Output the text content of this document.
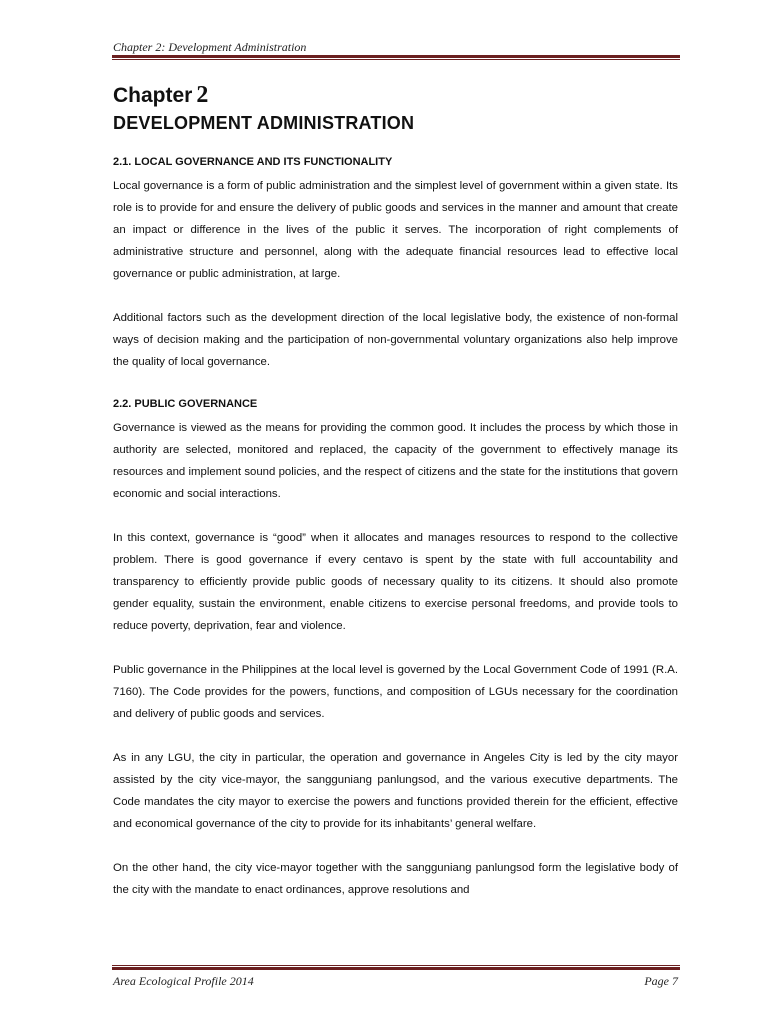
Chapter 2: Development Administration
Chapter 2
DEVELOPMENT ADMINISTRATION
2.1. LOCAL GOVERNANCE AND ITS FUNCTIONALITY

Local governance is a form of public administration and the simplest level of government within a given state. Its role is to provide for and ensure the delivery of public goods and services in the manner and amount that create an impact or difference in the lives of the public it serves. The incorporation of right complements of administrative structure and personnel, along with the adequate financial resources lead to effective local governance or public administration, at large.

Additional factors such as the development direction of the local legislative body, the existence of non-formal ways of decision making and the participation of non-governmental voluntary organizations also help improve the quality of local governance.

2.2. PUBLIC GOVERNANCE

Governance is viewed as the means for providing the common good. It includes the process by which those in authority are selected, monitored and replaced, the capacity of the government to effectively manage its resources and implement sound policies, and the respect of citizens and the state for the institutions that govern economic and social interactions.

In this context, governance is “good” when it allocates and manages resources to respond to the collective problem. There is good governance if every centavo is spent by the state with full accountability and transparency to efficiently provide public goods of necessary quality to its citizens. It should also promote gender equality, sustain the environment, enable citizens to exercise personal freedoms, and provide tools to reduce poverty, deprivation, fear and violence.

Public governance in the Philippines at the local level is governed by the Local Government Code of 1991 (R.A. 7160). The Code provides for the powers, functions, and composition of LGUs necessary for the coordination and delivery of public goods and services.

As in any LGU, the city in particular, the operation and governance in Angeles City is led by the city mayor assisted by the city vice-mayor, the sangguniang panlungsod, and the various executive departments. The Code mandates the city mayor to exercise the powers and functions provided therein for the efficient, effective and economical governance of the city to provide for its inhabitants’ general welfare.

On the other hand, the city vice-mayor together with the sangguniang panlungsod form the legislative body of the city with the mandate to enact ordinances, approve resolutions and

Area Ecological Profile 2014	Page 7
